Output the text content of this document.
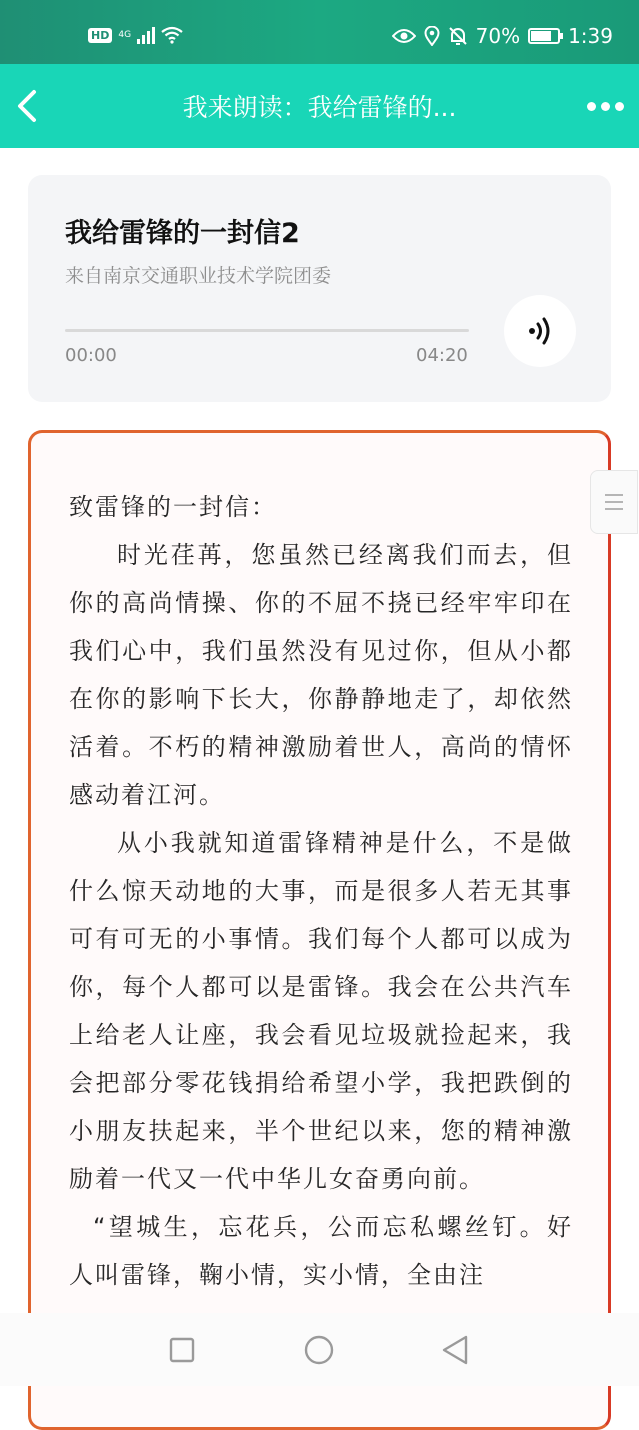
HD	4G	70% 1:39
我来朗读：我给雷锋的...
我给雷锋的一封信2
来自南京交通职业技术学院团委
00:00	04:20

致雷锋的一封信：

时光荏苒，您虽然已经离我们而去，但你的高尚情操、你的不屈不挠已经牢牢印在我们心中，我们虽然没有见过你，但从小都在你的影响下长大，你静静地走了，却依然活着。不朽的精神激励着世人，高尚的情怀感动着江河。

从小我就知道雷锋精神是什么，不是做什么惊天动地的大事，而是很多人若无其事可有可无的小事情。我们每个人都可以成为你，每个人都可以是雷锋。我会在公共汽车上给老人让座，我会看见垃圾就捡起来，我会把部分零花钱捐给希望小学，我把跌倒的小朋友扶起来，半个世纪以来，您的精神激励着一代又一代中华儿女奋勇向前。

“望城生，忘花兵，公而忘私螺丝钉。好人叫雷锋，鞠小情，实小情，全由注
